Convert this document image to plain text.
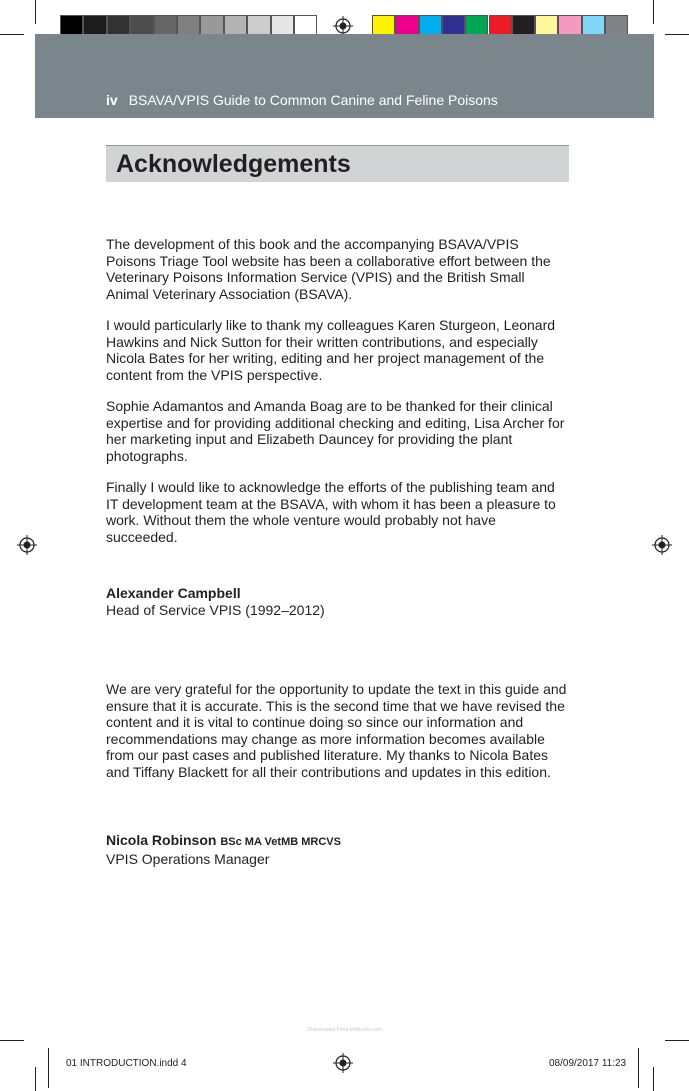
iv BSAVA/VPIS Guide to Common Canine and Feline Poisons
Acknowledgements

The development of this book and the accompanying BSAVA/VPIS Poisons Triage Tool website has been a collaborative effort between the Veterinary Poisons Information Service (VPIS) and the British Small Animal Veterinary Association (BSAVA).

I would particularly like to thank my colleagues Karen Sturgeon, Leonard Hawkins and Nick Sutton for their written contributions, and especially Nicola Bates for her writing, editing and her project management of the content from the VPIS perspective.

Sophie Adamantos and Amanda Boag are to be thanked for their clinical expertise and for providing additional checking and editing, Lisa Archer for her marketing input and Elizabeth Dauncey for providing the plant photographs.

Finally I would like to acknowledge the efforts of the publishing team and IT development team at the BSAVA, with whom it has been a pleasure to work. Without them the whole venture would probably not have succeeded.

Alexander Campbell
Head of Service VPIS (1992–2012)

We are very grateful for the opportunity to update the text in this guide and ensure that it is accurate. This is the second time that we have revised the content and it is vital to continue doing so since our information and recommendations may change as more information becomes available from our past cases and published literature. My thanks to Nicola Bates and Tiffany Blackett for all their contributions and updates in this edition.

Nicola Robinson BSc MA VetMB MRCVS
VPIS Operations Manager

Downloaded From VetBooks.com
01 INTRODUCTION.indd 4	08/09/2017 11:23
